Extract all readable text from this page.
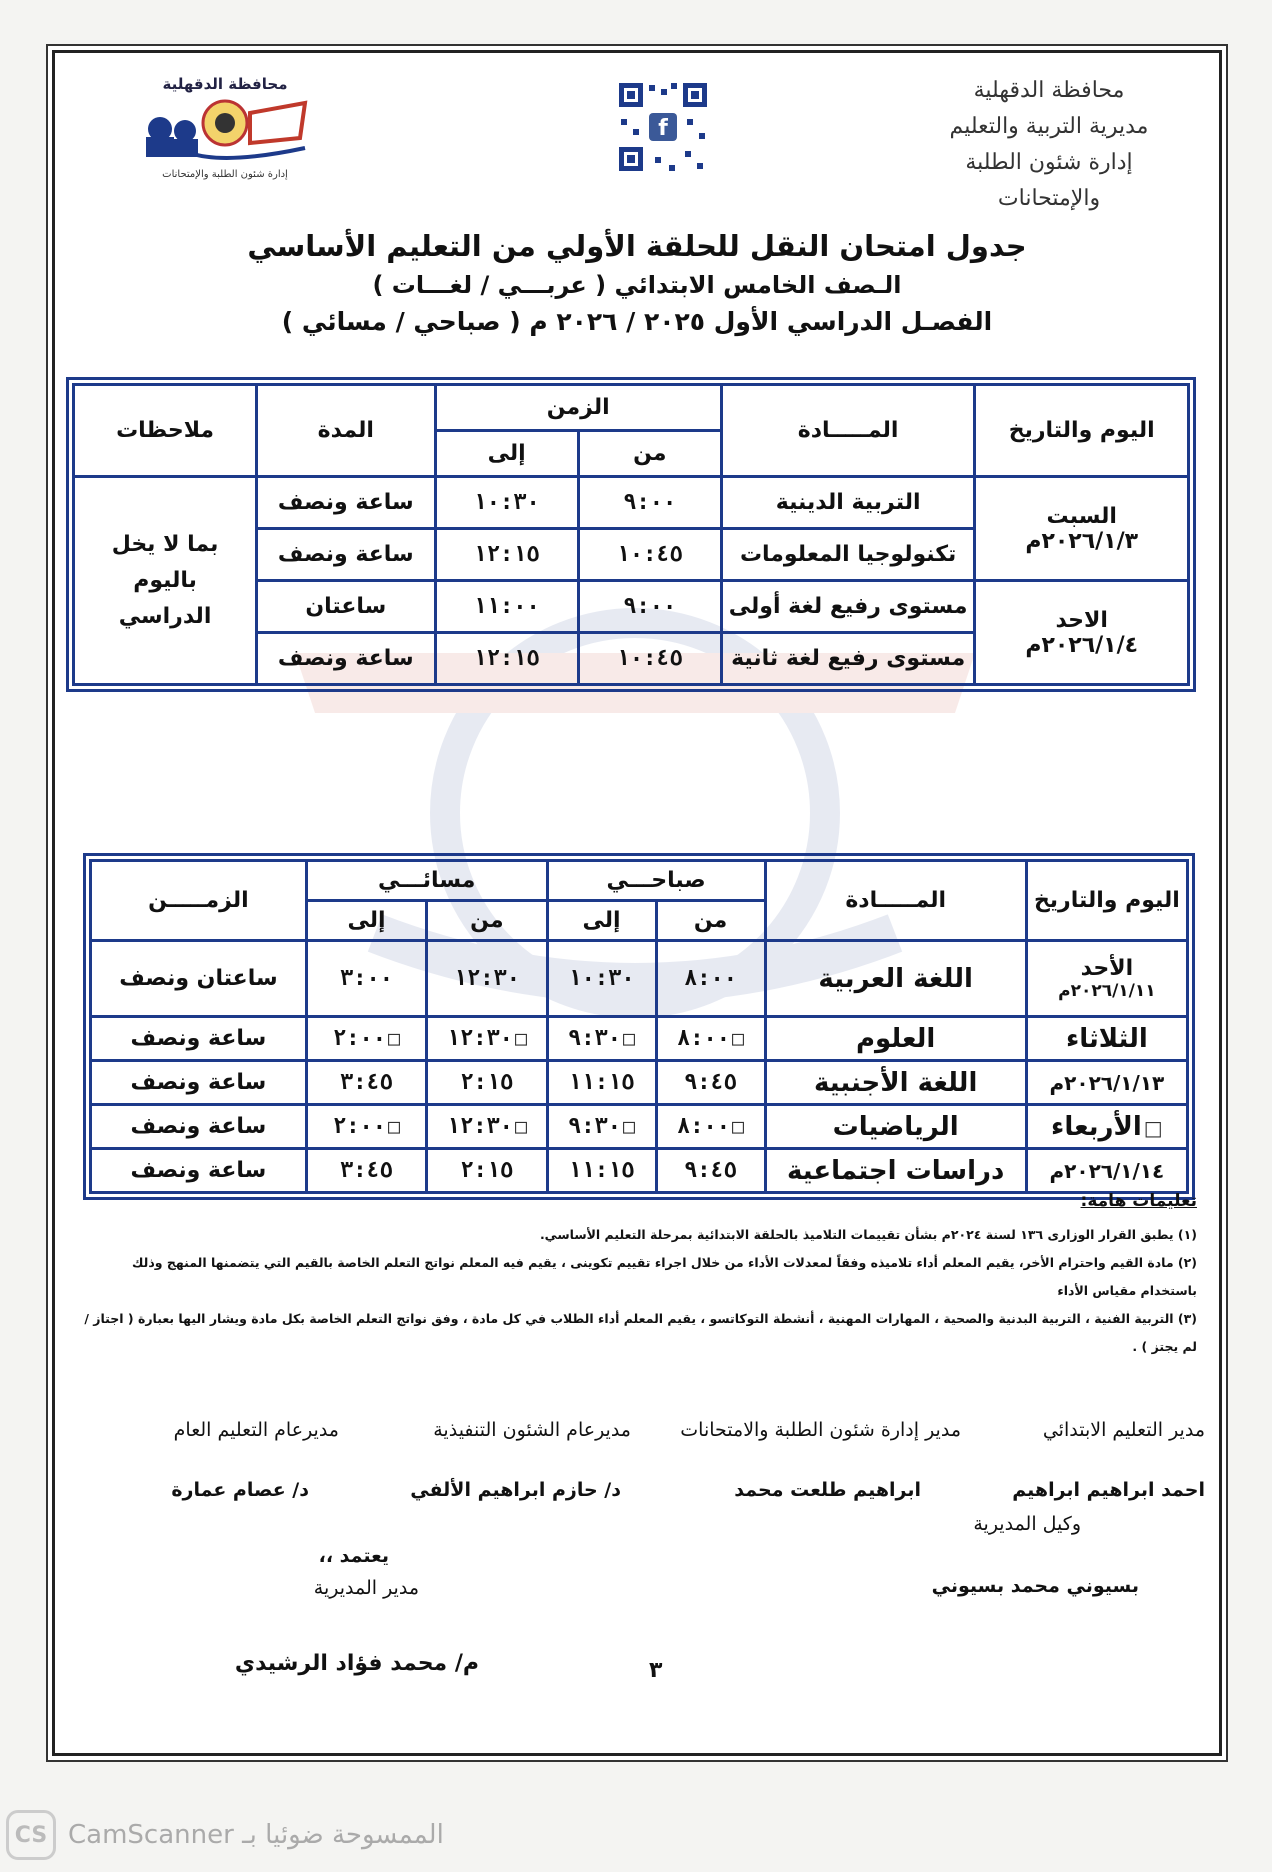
محافظة الدقهلية
مديرية التربية والتعليم
إدارة شئون الطلبة والإمتحانات
f
محافظة الدقهلية
إدارة شئون الطلبة والإمتحانات
جدول امتحان النقل للحلقة الأولي من التعليم الأساسي
الـصف الخامس الابتدائي ( عربـــي / لغـــات )
الفصـل الدراسي الأول ٢٠٢٥ / ٢٠٢٦ م ( صباحي / مسائي )
اليوم والتاريخ	المـــــادة	الزمن		المدة	ملاحظات
		من	إلى		

السبت
٢٠٢٦/١/٣م	التربية الدينية	٩:٠٠	١٠:٣٠	ساعة ونصف	بما لا يخل باليوم الدراسي
	تكنولوجيا المعلومات	١٠:٤٥	١٢:١٥	ساعة ونصف	

الاحد
٢٠٢٦/١/٤م	مستوى رفيع لغة أولى	٩:٠٠	١١:٠٠	ساعتان	
	مستوى رفيع لغة ثانية	١٠:٤٥	١٢:١٥	ساعة ونصف	
اليوم والتاريخ	المـــــادة	صباحـــي		مسائـــي		الزمـــــن
		من	إلى	من	إلى	

الأحد
٢٠٢٦/١/١١م	اللغة العربية	٨:٠٠	١٠:٣٠	١٢:٣٠	٣:٠٠	ساعتان ونصف
الثلاثاء	العلوم	□ ٨:٠٠	□ ٩:٣٠	□ ١٢:٣٠	□ ٢:٠٠	ساعة ونصف
٢٠٢٦/١/١٣م	اللغة الأجنبية	٩:٤٥	١١:١٥	٢:١٥	٣:٤٥	ساعة ونصف
□ الأربعاء	الرياضيات	□ ٨:٠٠	□ ٩:٣٠	□ ١٢:٣٠	□ ٢:٠٠	ساعة ونصف
٢٠٢٦/١/١٤م	دراسات اجتماعية	٩:٤٥	١١:١٥	٢:١٥	٣:٤٥	ساعة ونصف
تعليمات هامة:
(١) يطبق القرار الوزارى ١٣٦ لسنة ٢٠٢٤م بشأن تقييمات التلاميذ بالحلقة الابتدائية بمرحلة التعليم الأساسي.
(٢) مادة القيم واحترام الأخر، يقيم المعلم أداء تلاميذه وفقاً لمعدلات الأداء من خلال اجراء تقييم تكوينى ، يقيم فيه المعلم نواتج التعلم الخاصة بالقيم التي يتضمنها المنهج وذلك باستخدام مقياس الأداء
(٣) التربية الفنية ، التربية البدنية والصحية ، المهارات المهنية ، أنشطة التوكاتسو ، يقيم المعلم أداء الطلاب في كل مادة ، وفق نواتج التعلم الخاصة بكل مادة ويشار اليها بعبارة ( اجتاز / لم يجتز ) .
مدير التعليم الابتدائي
مدير إدارة شئون الطلبة والامتحانات
مديرعام الشئون التنفيذية
مديرعام التعليم العام
احمد ابراهيم ابراهيم
ابراهيم طلعت محمد
د/ حازم ابراهيم الألفي
د/ عصام عمارة
وكيل المديرية
بسيوني محمد بسيوني
يعتمد ،،
مدير المديرية
م/ محمد فؤاد الرشيدي	٣
CS CamScanner الممسوحة ضوئيا بـ
